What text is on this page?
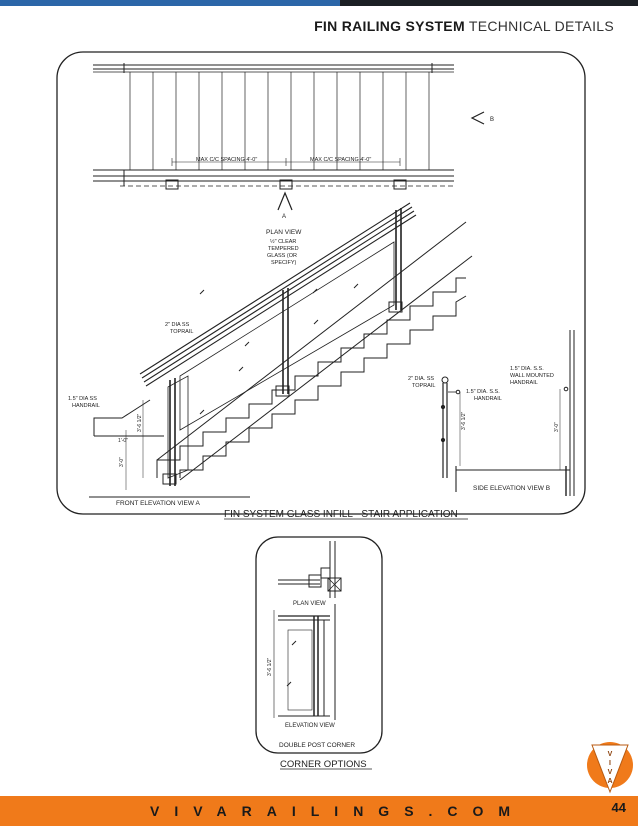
FIN RAILING SYSTEM TECHNICAL DETAILS
MAX C/C SPACING 4'-0"	MAX C/C SPACING 4'-0"
A
B
PLAN VIEW
½" CLEAR
TEMPERED
GLASS (OR
SPECIFY)
2" DIA SS
TOPRAIL
1.5" DIA SS
HANDRAIL
1'-0"
3'-0"
3'-6 1/2"
FRONT ELEVATION VIEW A
2" DIA. SS
TOPRAIL
1.5" DIA. S.S.
HANDRAIL
1.5" DIA. S.S.
WALL MOUNTED
HANDRAIL
3'-6 1/2"	3'-0"
SIDE ELEVATION VIEW B
FIN SYSTEM GLASS INFILL - STAIR APPLICATION
PLAN VIEW
3'-6 1/2"
ELEVATION VIEW
DOUBLE POST CORNER
CORNER OPTIONS
V
I
V
A
VIVARAILINGS.COM	44
